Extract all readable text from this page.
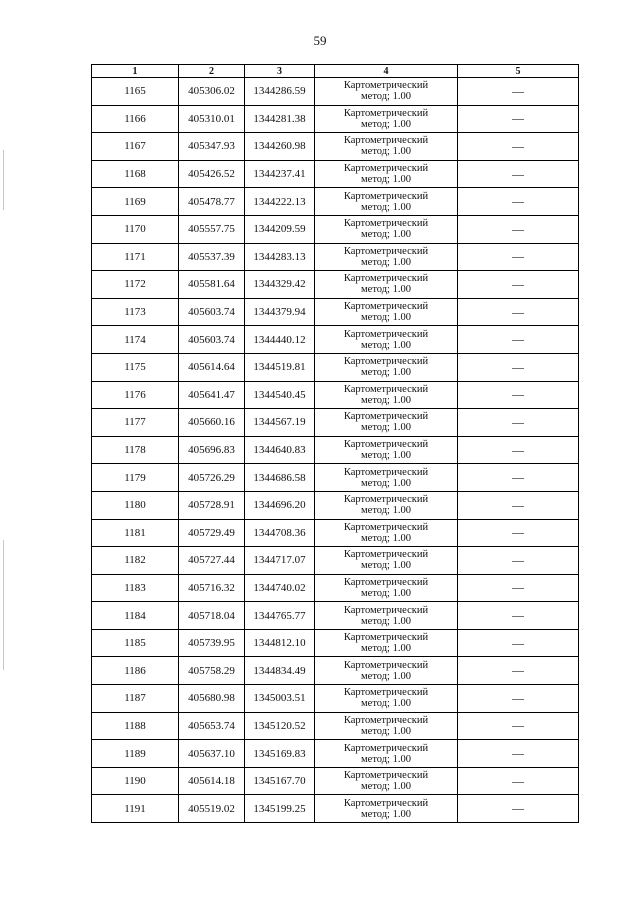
59
1	2	3	4	5
1165	405306.02	1344286.59	Картометрический
метод; 1.00	—
1166	405310.01	1344281.38	Картометрический
метод; 1.00	—
1167	405347.93	1344260.98	Картометрический
метод; 1.00	—
1168	405426.52	1344237.41	Картометрический
метод; 1.00	—
1169	405478.77	1344222.13	Картометрический
метод; 1.00	—
1170	405557.75	1344209.59	Картометрический
метод; 1.00	—
1171	405537.39	1344283.13	Картометрический
метод; 1.00	—
1172	405581.64	1344329.42	Картометрический
метод; 1.00	—
1173	405603.74	1344379.94	Картометрический
метод; 1.00	—
1174	405603.74	1344440.12	Картометрический
метод; 1.00	—
1175	405614.64	1344519.81	Картометрический
метод; 1.00	—
1176	405641.47	1344540.45	Картометрический
метод; 1.00	—
1177	405660.16	1344567.19	Картометрический
метод; 1.00	—
1178	405696.83	1344640.83	Картометрический
метод; 1.00	—
1179	405726.29	1344686.58	Картометрический
метод; 1.00	—
1180	405728.91	1344696.20	Картометрический
метод; 1.00	—
1181	405729.49	1344708.36	Картометрический
метод; 1.00	—
1182	405727.44	1344717.07	Картометрический
метод; 1.00	—
1183	405716.32	1344740.02	Картометрический
метод; 1.00	—
1184	405718.04	1344765.77	Картометрический
метод; 1.00	—
1185	405739.95	1344812.10	Картометрический
метод; 1.00	—
1186	405758.29	1344834.49	Картометрический
метод; 1.00	—
1187	405680.98	1345003.51	Картометрический
метод; 1.00	—
1188	405653.74	1345120.52	Картометрический
метод; 1.00	—
1189	405637.10	1345169.83	Картометрический
метод; 1.00	—
1190	405614.18	1345167.70	Картометрический
метод; 1.00	—
1191	405519.02	1345199.25	Картометрический
метод; 1.00	—
